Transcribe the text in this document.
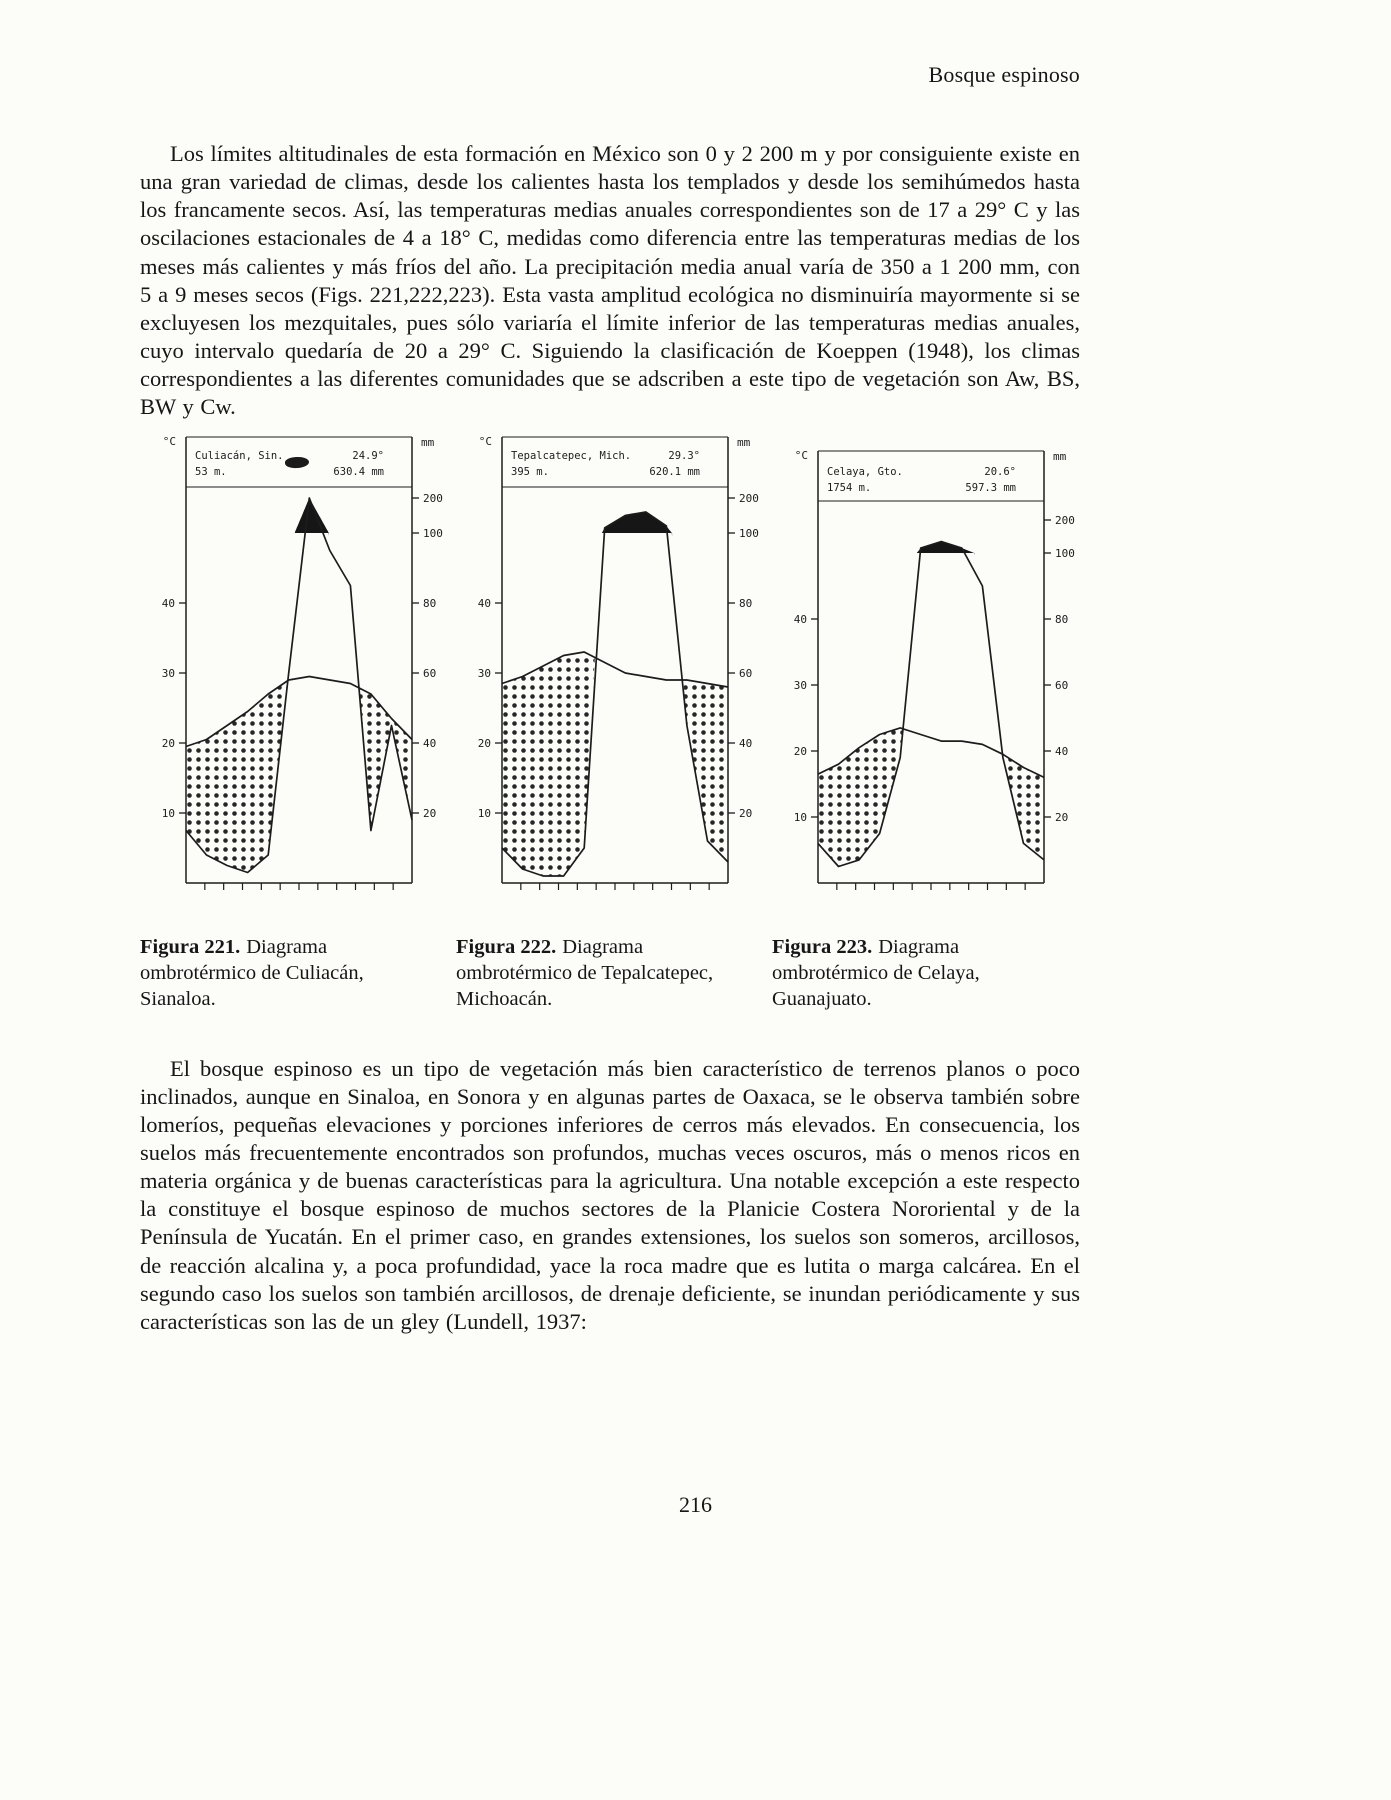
Bosque espinoso

Los límites altitudinales de esta formación en México son 0 y 2 200 m y por consiguiente existe en una gran variedad de climas, desde los calientes hasta los templados y desde los semihúmedos hasta los francamente secos. Así, las temperaturas medias anuales correspondientes son de 17 a 29° C y las oscilaciones estacionales de 4 a 18° C, medidas como diferencia entre las temperaturas medias de los meses más calientes y más fríos del año. La precipitación media anual varía de 350 a 1 200 mm, con 5 a 9 meses secos (Figs. 221,222,223). Esta vasta amplitud ecológica no disminuiría mayormente si se excluyesen los mezquitales, pues sólo variaría el límite inferior de las temperaturas medias anuales, cuyo intervalo quedaría de 20 a 29° C. Siguiendo la clasificación de Koeppen (1948), los climas correspondientes a las diferentes comunidades que se adscriben a este tipo de vegetación son Aw, BS, BW y Cw.

10
20
30
40
20
40
60
80
100
200
°C	mm
Culiacán, Sin.	24.9°
53 m.	630.4 mm
Figura 221. Diagrama ombrotérmico de Culiacán, Sianaloa.
10
20
30
40
20
40
60
80
100
200
°C	mm
Tepalcatepec, Mich.	29.3°
395 m.	620.1 mm
Figura 222. Diagrama ombrotérmico de Tepalcatepec, Michoacán.
10
20
30
40
20
40
60
80
100
200
°C	mm
Celaya, Gto.	20.6°
1754 m.	597.3 mm
Figura 223. Diagrama ombrotérmico de Celaya, Guanajuato.

El bosque espinoso es un tipo de vegetación más bien característico de terrenos planos o poco inclinados, aunque en Sinaloa, en Sonora y en algunas partes de Oaxaca, se le observa también sobre lomeríos, pequeñas elevaciones y porciones inferiores de cerros más elevados. En consecuencia, los suelos más frecuentemente encontrados son profundos, muchas veces oscuros, más o menos ricos en materia orgánica y de buenas características para la agricultura. Una notable excepción a este respecto la constituye el bosque espinoso de muchos sectores de la Planicie Costera Nororiental y de la Península de Yucatán. En el primer caso, en grandes extensiones, los suelos son someros, arcillosos, de reacción alcalina y, a poca profundidad, yace la roca madre que es lutita o marga calcárea. En el segundo caso los suelos son también arcillosos, de drenaje deficiente, se inundan periódicamente y sus características son las de un gley (Lundell, 1937:

216
